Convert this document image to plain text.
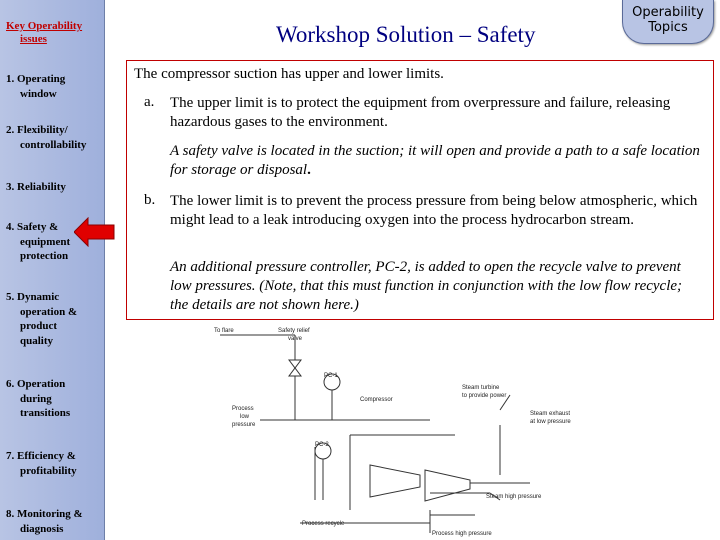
Key Operability
issues
1. Operating
window
2. Flexibility/
controllability
3. Reliability
4. Safety &
equipment
protection
5. Dynamic
operation &
product
quality
6. Operation
during
transitions
7. Efficiency &
profitability
8. Monitoring &
diagnosis
Workshop Solution – Safety
Operability
Topics
The compressor suction has upper and lower limits.
a. The upper limit is to protect the equipment from overpressure and failure, releasing hazardous gases to the environment.
A safety valve is located in the suction; it will open and provide a path to a safe location for storage or disposal.
b. The lower limit is to prevent the process pressure from being below atmospheric, which might lead to a leak introducing oxygen into the process hydrocarbon stream.
An additional pressure controller, PC-2, is added to open the recycle valve to prevent low pressures. (Note, that this must function in conjunction with the low flow recycle; the details are not shown here.)
To flare	Safety relief
valve
PC-1
PC-2
Compressor
Steam turbine
to provide power
Process
low
pressure
Steam exhaust
at low pressure
Steam high pressure
Process recycle
Process high pressure
